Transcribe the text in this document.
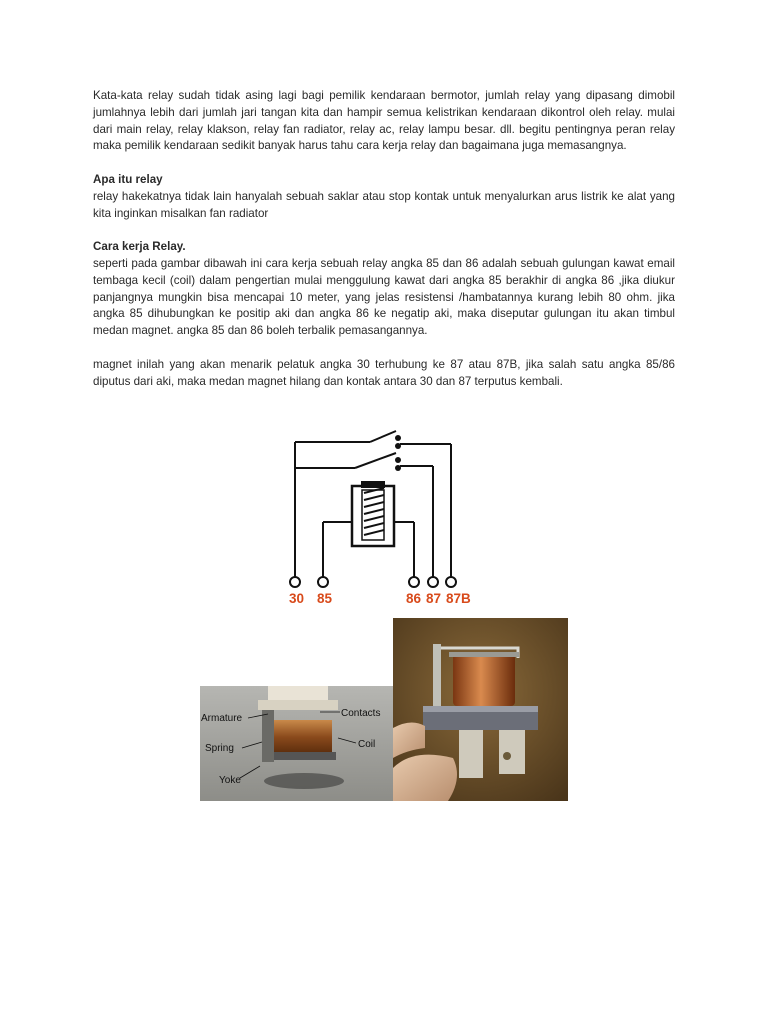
Kata-kata relay sudah tidak asing lagi bagi pemilik kendaraan bermotor, jumlah relay yang dipasang dimobil jumlahnya lebih dari jumlah jari tangan kita dan hampir semua kelistrikan kendaraan dikontrol oleh relay. mulai dari main relay, relay klakson, relay fan radiator, relay ac, relay lampu besar. dll. begitu pentingnya peran relay maka pemilik kendaraan sedikit banyak harus tahu cara kerja relay dan bagaimana juga memasangnya.

Apa itu relay

relay hakekatnya tidak lain hanyalah sebuah saklar atau stop kontak untuk menyalurkan arus listrik ke alat yang kita inginkan misalkan fan radiator

Cara kerja Relay.

seperti pada gambar dibawah ini cara kerja sebuah relay angka 85 dan 86 adalah sebuah gulungan kawat email tembaga kecil (coil) dalam pengertian mulai menggulung kawat dari angka 85 berakhir di angka 86 ,jika diukur panjangnya mungkin bisa mencapai 10 meter, yang jelas resistensi /hambatannya kurang lebih 80 ohm. jika angka 85 dihubungkan ke positip aki dan angka 86 ke negatip aki, maka diseputar gulungan itu akan timbul medan magnet. angka 85 dan 86 boleh terbalik pemasangannya.

magnet inilah yang akan menarik pelatuk angka 30 terhubung ke 87 atau 87B, jika salah satu angka 85/86 diputus dari aki, maka medan magnet hilang dan kontak antara 30 dan 87 terputus kembali.

30 85	86 87 87B
Armature	Contacts
Spring	Coil
Yoke
